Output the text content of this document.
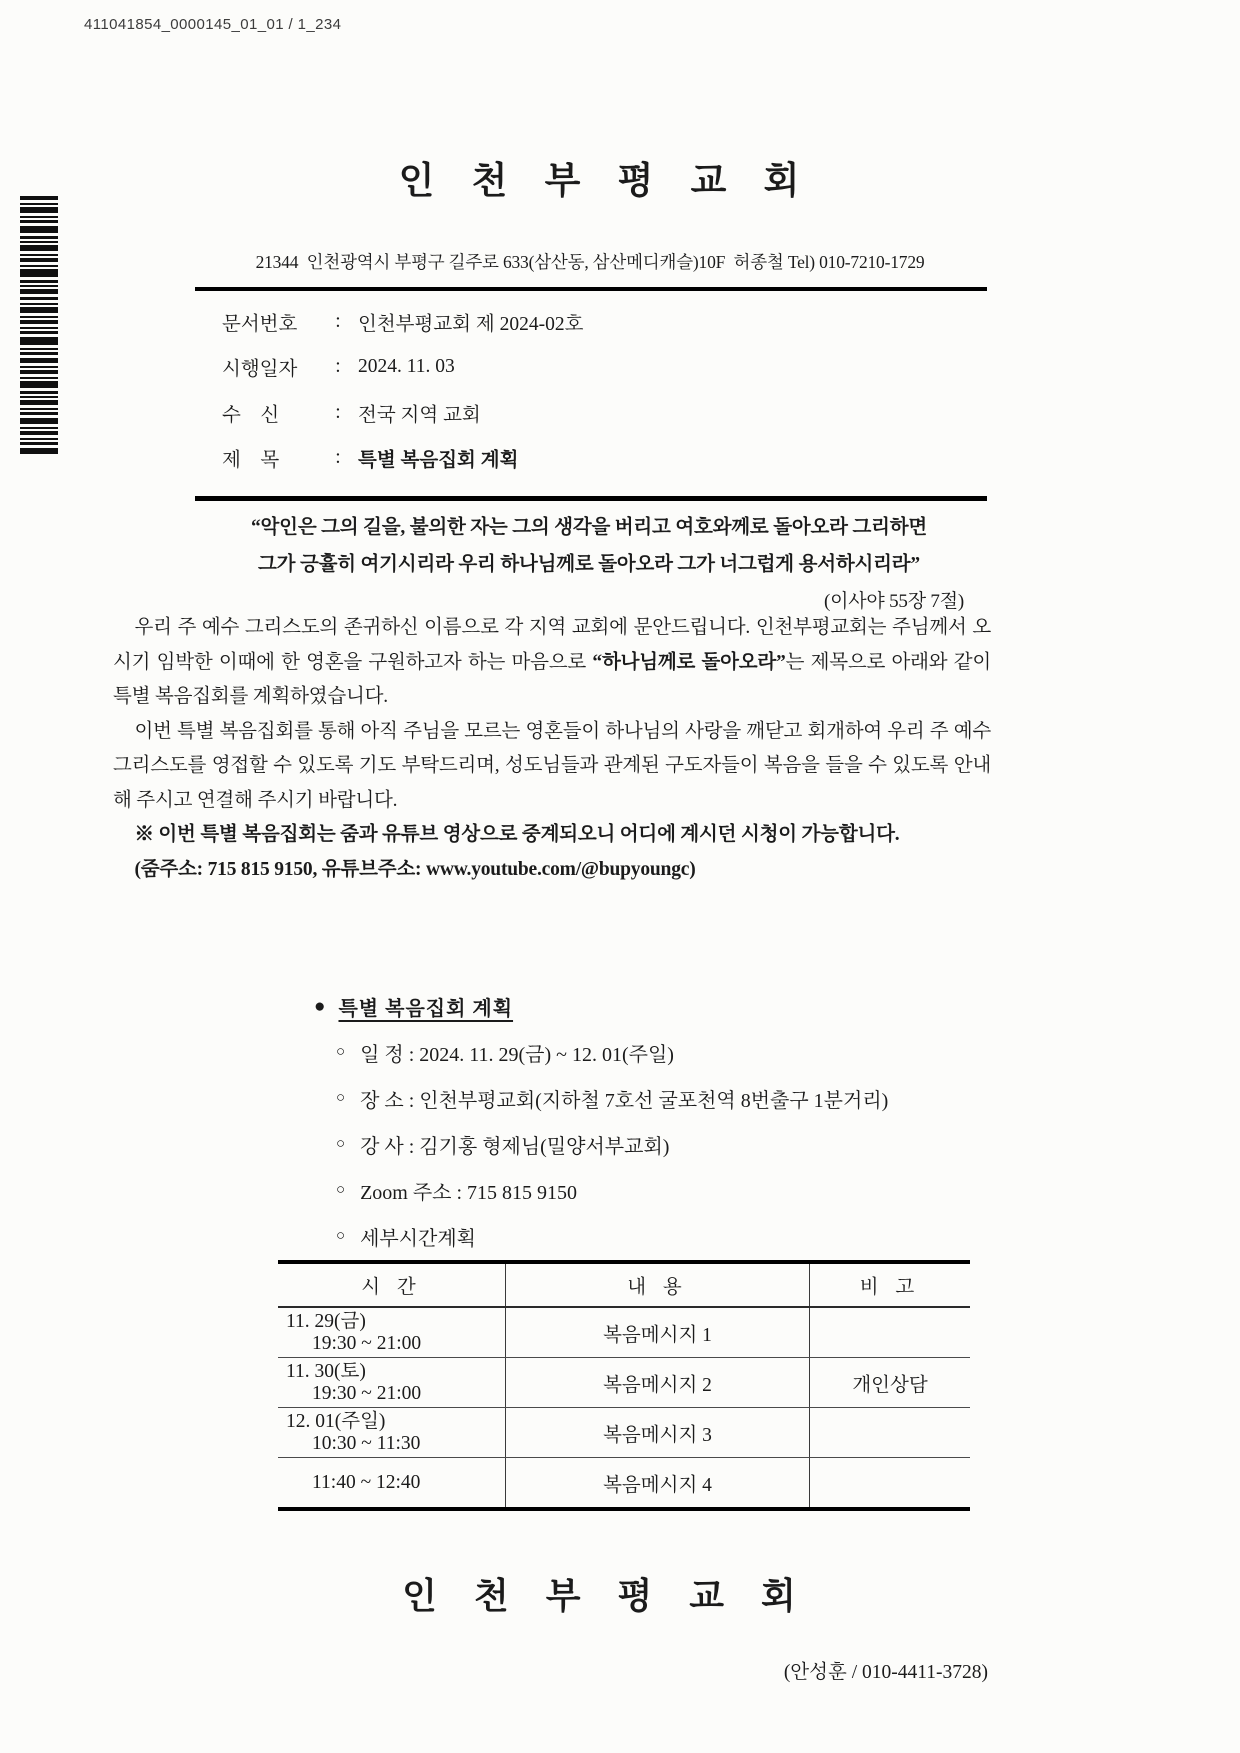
411041854_0000145_01_01 / 1_234
인 천 부 평 교 회
21344  인천광역시 부평구 길주로 633(삼산동, 삼산메디캐슬)10F  허종철 Tel) 010-7210-1729
문서번호	: 인천부평교회 제 2024-02호
시행일자	: 2024. 11. 03
수    신	: 전국 지역 교회
제    목	: 특별 복음집회 계획
“악인은 그의 길을, 불의한 자는 그의 생각을 버리고 여호와께로 돌아오라 그리하면
그가 긍휼히 여기시리라 우리 하나님께로 돌아오라 그가 너그럽게 용서하시리라”
(이사야 55장 7절)

우리 주 예수 그리스도의 존귀하신 이름으로 각 지역 교회에 문안드립니다. 인천부평교회는 주님께서 오시기 임박한 이때에 한 영혼을 구원하고자 하는 마음으로 “하나님께로 돌아오라”는 제목으로 아래와 같이 특별 복음집회를 계획하였습니다.

이번 특별 복음집회를 통해 아직 주님을 모르는 영혼들이 하나님의 사랑을 깨닫고 회개하여 우리 주 예수 그리스도를 영접할 수 있도록 기도 부탁드리며, 성도님들과 관계된 구도자들이 복음을 들을 수 있도록 안내해 주시고 연결해 주시기 바랍니다.

※ 이번 특별 복음집회는 줌과 유튜브 영상으로 중계되오니 어디에 계시던 시청이 가능합니다.

(줌주소: 715 815 9150, 유튜브주소: www.youtube.com/@bupyoungc)

● 특별 복음집회 계획
○ 일 정 : 2024. 11. 29(금) ~ 12. 01(주일)
○ 장 소 : 인천부평교회(지하철 7호선 굴포천역 8번출구 1분거리)
○ 강 사 : 김기홍 형제님(밀양서부교회)
○ Zoom 주소 : 715 815 9150
○ 세부시간계획
시 간	내 용	비 고
11. 29(금)
19:30 ~ 21:00	복음메시지 1
11. 30(토)
19:30 ~ 21:00	복음메시지 2	개인상담
12. 01(주일)
10:30 ~ 11:30	복음메시지 3
11:40 ~ 12:40	복음메시지 4
인 천 부 평 교 회
(안성훈 / 010-4411-3728)
